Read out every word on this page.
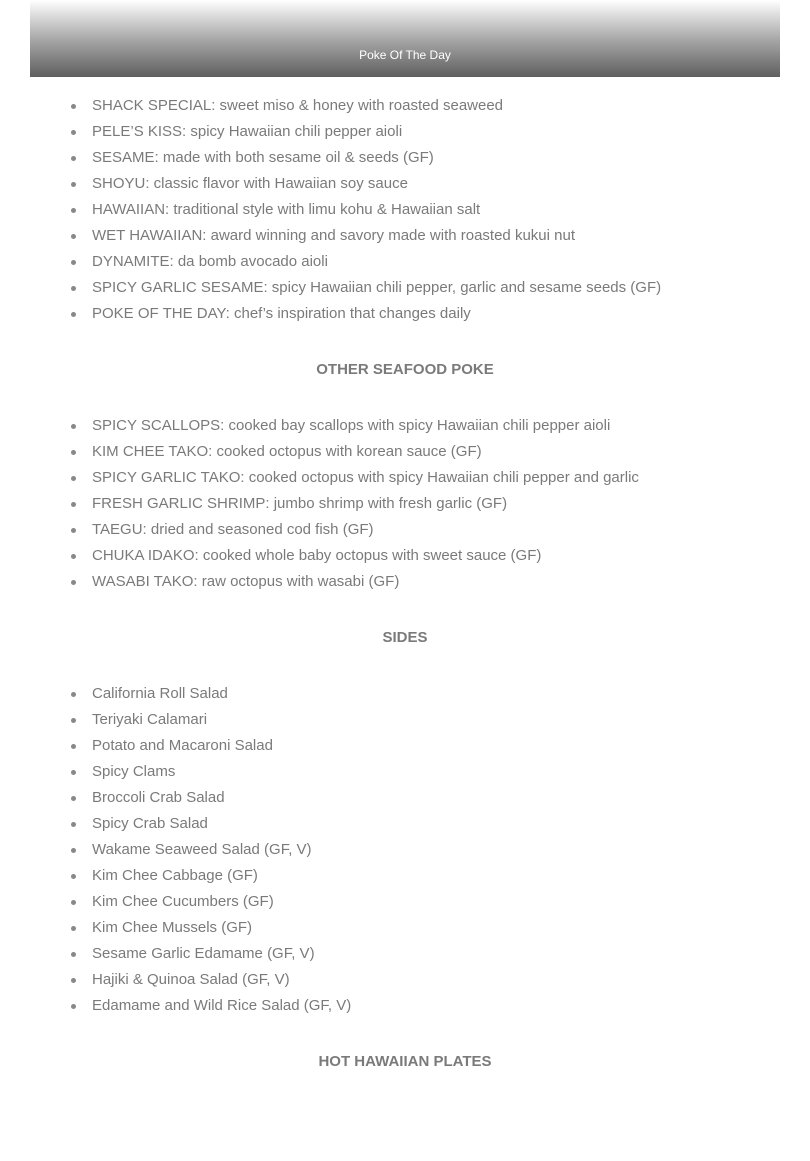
Poke Of The Day
SHACK SPECIAL: sweet miso & honey with roasted seaweed
PELE’S KISS: spicy Hawaiian chili pepper aioli
SESAME: made with both sesame oil & seeds (GF)
SHOYU: classic flavor with Hawaiian soy sauce
HAWAIIAN: traditional style with limu kohu & Hawaiian salt
WET HAWAIIAN: award winning and savory made with roasted kukui nut
DYNAMITE: da bomb avocado aioli
SPICY GARLIC SESAME: spicy Hawaiian chili pepper, garlic and sesame seeds (GF)
POKE OF THE DAY: chef’s inspiration that changes daily
OTHER SEAFOOD POKE
SPICY SCALLOPS: cooked bay scallops with spicy Hawaiian chili pepper aioli
KIM CHEE TAKO: cooked octopus with korean sauce (GF)
SPICY GARLIC TAKO: cooked octopus with spicy Hawaiian chili pepper and garlic
FRESH GARLIC SHRIMP: jumbo shrimp with fresh garlic (GF)
TAEGU: dried and seasoned cod fish (GF)
CHUKA IDAKO: cooked whole baby octopus with sweet sauce (GF)
WASABI TAKO: raw octopus with wasabi (GF)
SIDES
California Roll Salad
Teriyaki Calamari
Potato and Macaroni Salad
Spicy Clams
Broccoli Crab Salad
Spicy Crab Salad
Wakame Seaweed Salad (GF, V)
Kim Chee Cabbage (GF)
Kim Chee Cucumbers (GF)
Kim Chee Mussels (GF)
Sesame Garlic Edamame (GF, V)
Hajiki & Quinoa Salad (GF, V)
Edamame and Wild Rice Salad (GF, V)
HOT HAWAIIAN PLATES
